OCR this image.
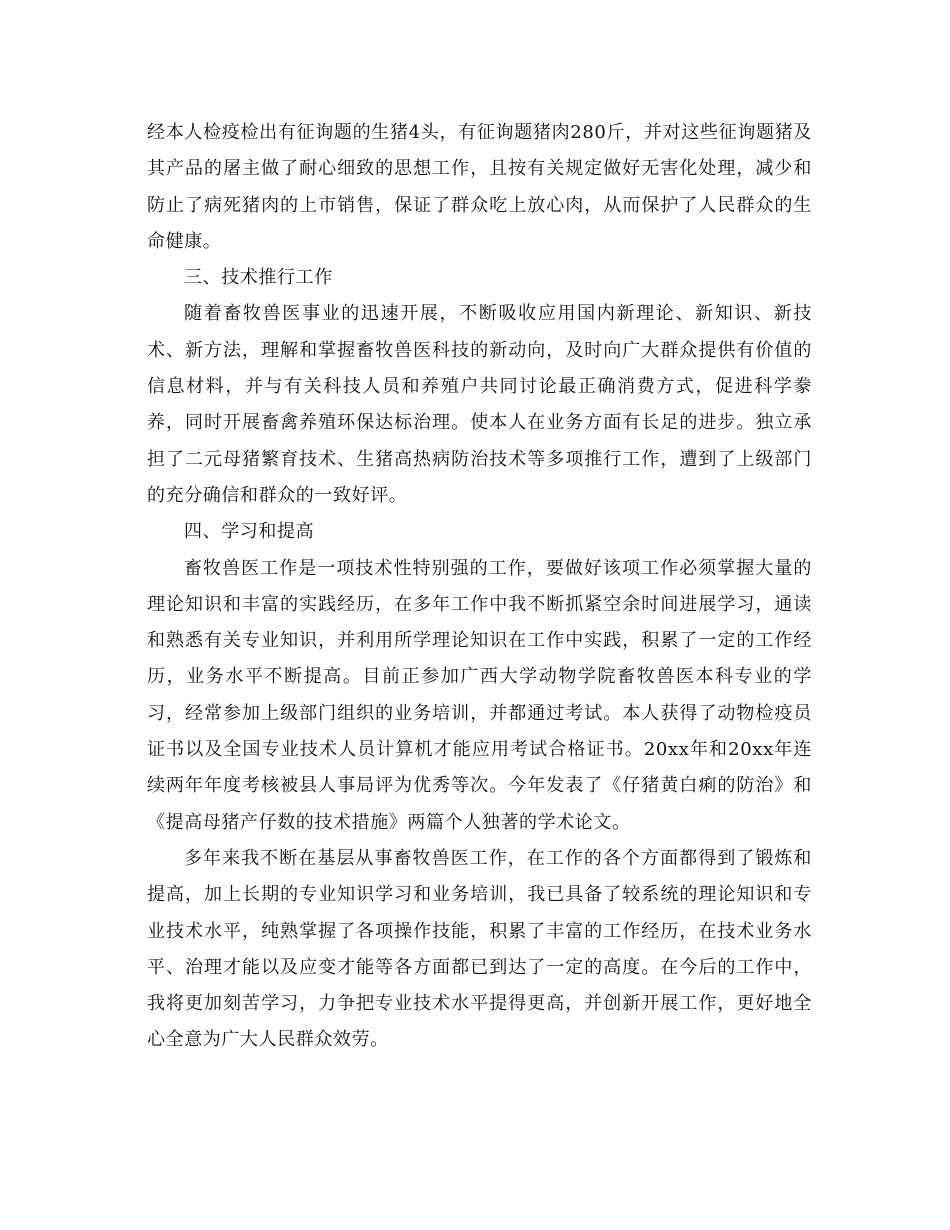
经本人检疫检出有征询题的生猪4头，有征询题猪肉280斤，并对这些征询题猪及其产品的屠主做了耐心细致的思想工作，且按有关规定做好无害化处理，减少和防止了病死猪肉的上市销售，保证了群众吃上放心肉，从而保护了人民群众的生命健康。

三、技术推行工作

随着畜牧兽医事业的迅速开展，不断吸收应用国内新理论、新知识、新技术、新方法，理解和掌握畜牧兽医科技的新动向，及时向广大群众提供有价值的信息材料，并与有关科技人员和养殖户共同讨论最正确消费方式，促进科学豢养，同时开展畜禽养殖环保达标治理。使本人在业务方面有长足的进步。独立承担了二元母猪繁育技术、生猪高热病防治技术等多项推行工作，遭到了上级部门的充分确信和群众的一致好评。

四、学习和提高

畜牧兽医工作是一项技术性特别强的工作，要做好该项工作必须掌握大量的理论知识和丰富的实践经历，在多年工作中我不断抓紧空余时间进展学习，通读和熟悉有关专业知识，并利用所学理论知识在工作中实践，积累了一定的工作经历，业务水平不断提高。目前正参加广西大学动物学院畜牧兽医本科专业的学习，经常参加上级部门组织的业务培训，并都通过考试。本人获得了动物检疫员证书以及全国专业技术人员计算机才能应用考试合格证书。20xx年和20xx年连续两年年度考核被县人事局评为优秀等次。今年发表了《仔猪黄白痢的防治》和《提高母猪产仔数的技术措施》两篇个人独著的学术论文。

多年来我不断在基层从事畜牧兽医工作，在工作的各个方面都得到了锻炼和提高，加上长期的专业知识学习和业务培训，我已具备了较系统的理论知识和专业技术水平，纯熟掌握了各项操作技能，积累了丰富的工作经历，在技术业务水平、治理才能以及应变才能等各方面都已到达了一定的高度。在今后的工作中，我将更加刻苦学习，力争把专业技术水平提得更高，并创新开展工作，更好地全心全意为广大人民群众效劳。
